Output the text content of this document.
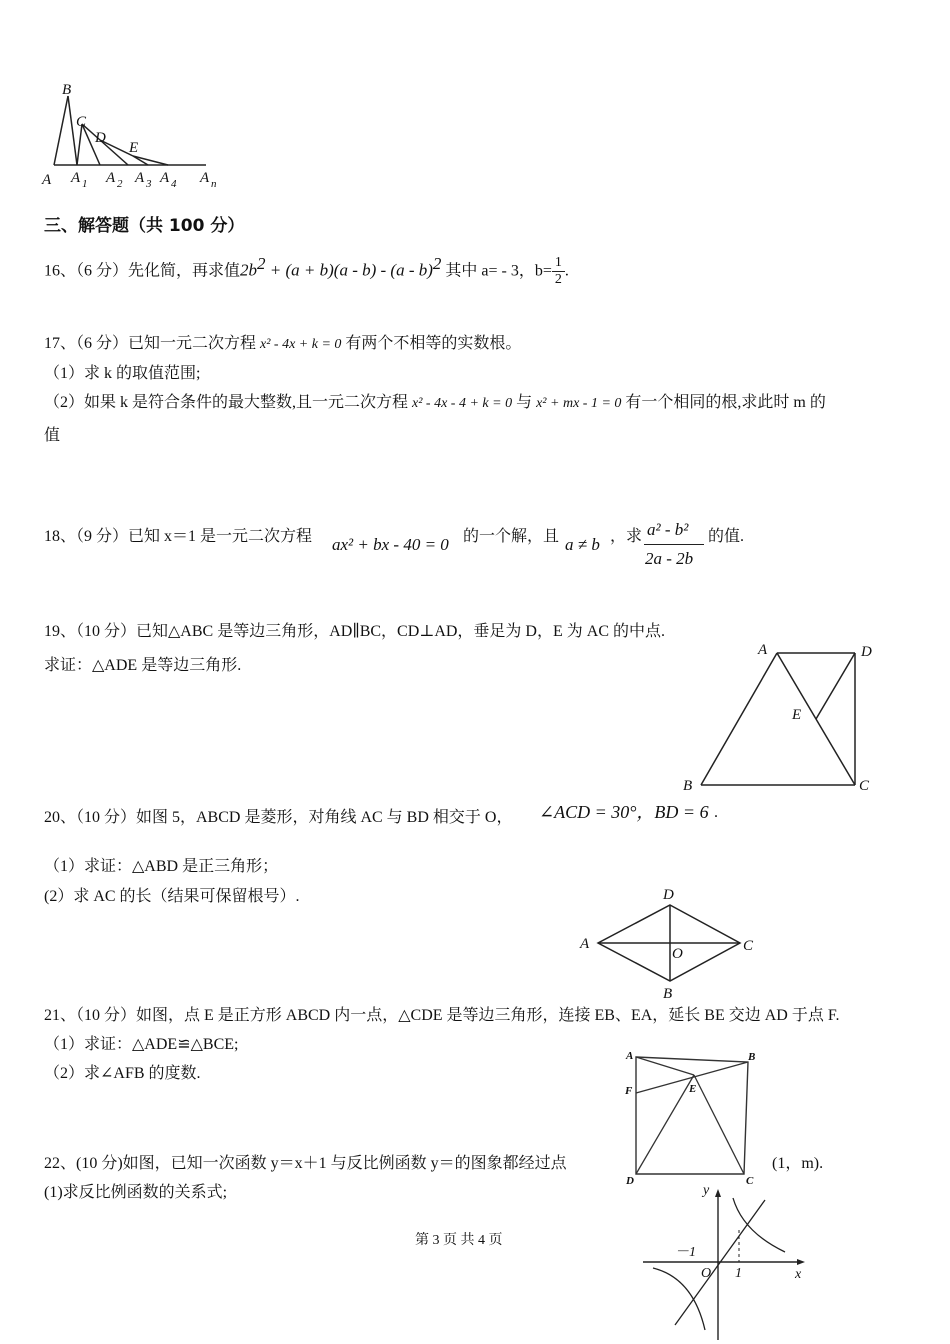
B
C
D
E
A A 1 A 2 A 3 A 4 A n
三、解答题（共 100 分）
16、（6 分）先化简，再求值$2b^2 + (a + b)(a - b) - (a - b)^2$ 其中 a= - 3，$b= \frac{1}{2}$ .
17、（6 分）已知一元二次方程 x² - 4x + k = 0 有两个不相等的实数根。
（1）求 k 的取值范围;
（2）如果 k 是符合条件的最大整数,且一元二次方程 x² - 4x - 4 + k = 0 与 x² + mx - 1 = 0 有一个相同的根,求此时 m 的
值
18、（9 分）已知 x＝1 是一元二次方程 ax² + bx - 40 = 0 的一个解，且 a ≠ b ，求 a² - b²
2a - 2b
的值.
19、（10 分）已知△ABC 是等边三角形，AD∥BC，CD⊥AD，垂足为 D，E 为 AC 的中点.
求证：△ADE 是等边三角形.
A	D
E
B	C
20、（10 分）如图 5，ABCD 是菱形，对角线 AC 与 BD 相交于 O， ∠ACD = 30°，BD = 6 .
（1）求证：△ABD 是正三角形；
(2）求 AC 的长（结果可保留根号）.	D
A
O	C
B
21、（10 分）如图，点 E 是正方形 ABCD 内一点，△CDE 是等边三角形，连接 EB、EA，延长 BE 交边 AD 于点 F.
（1）求证：△ADE≌△BCE;
（2）求∠AFB 的度数.
A	B
F	E
D	C
22、(10 分)如图，已知一次函数 y＝x＋1 与反比例函数 y＝的图象都经过点	(1，m).
(1)求反比例函数的关系式;	y
－1
O 1	x
第 3 页 共 4 页
